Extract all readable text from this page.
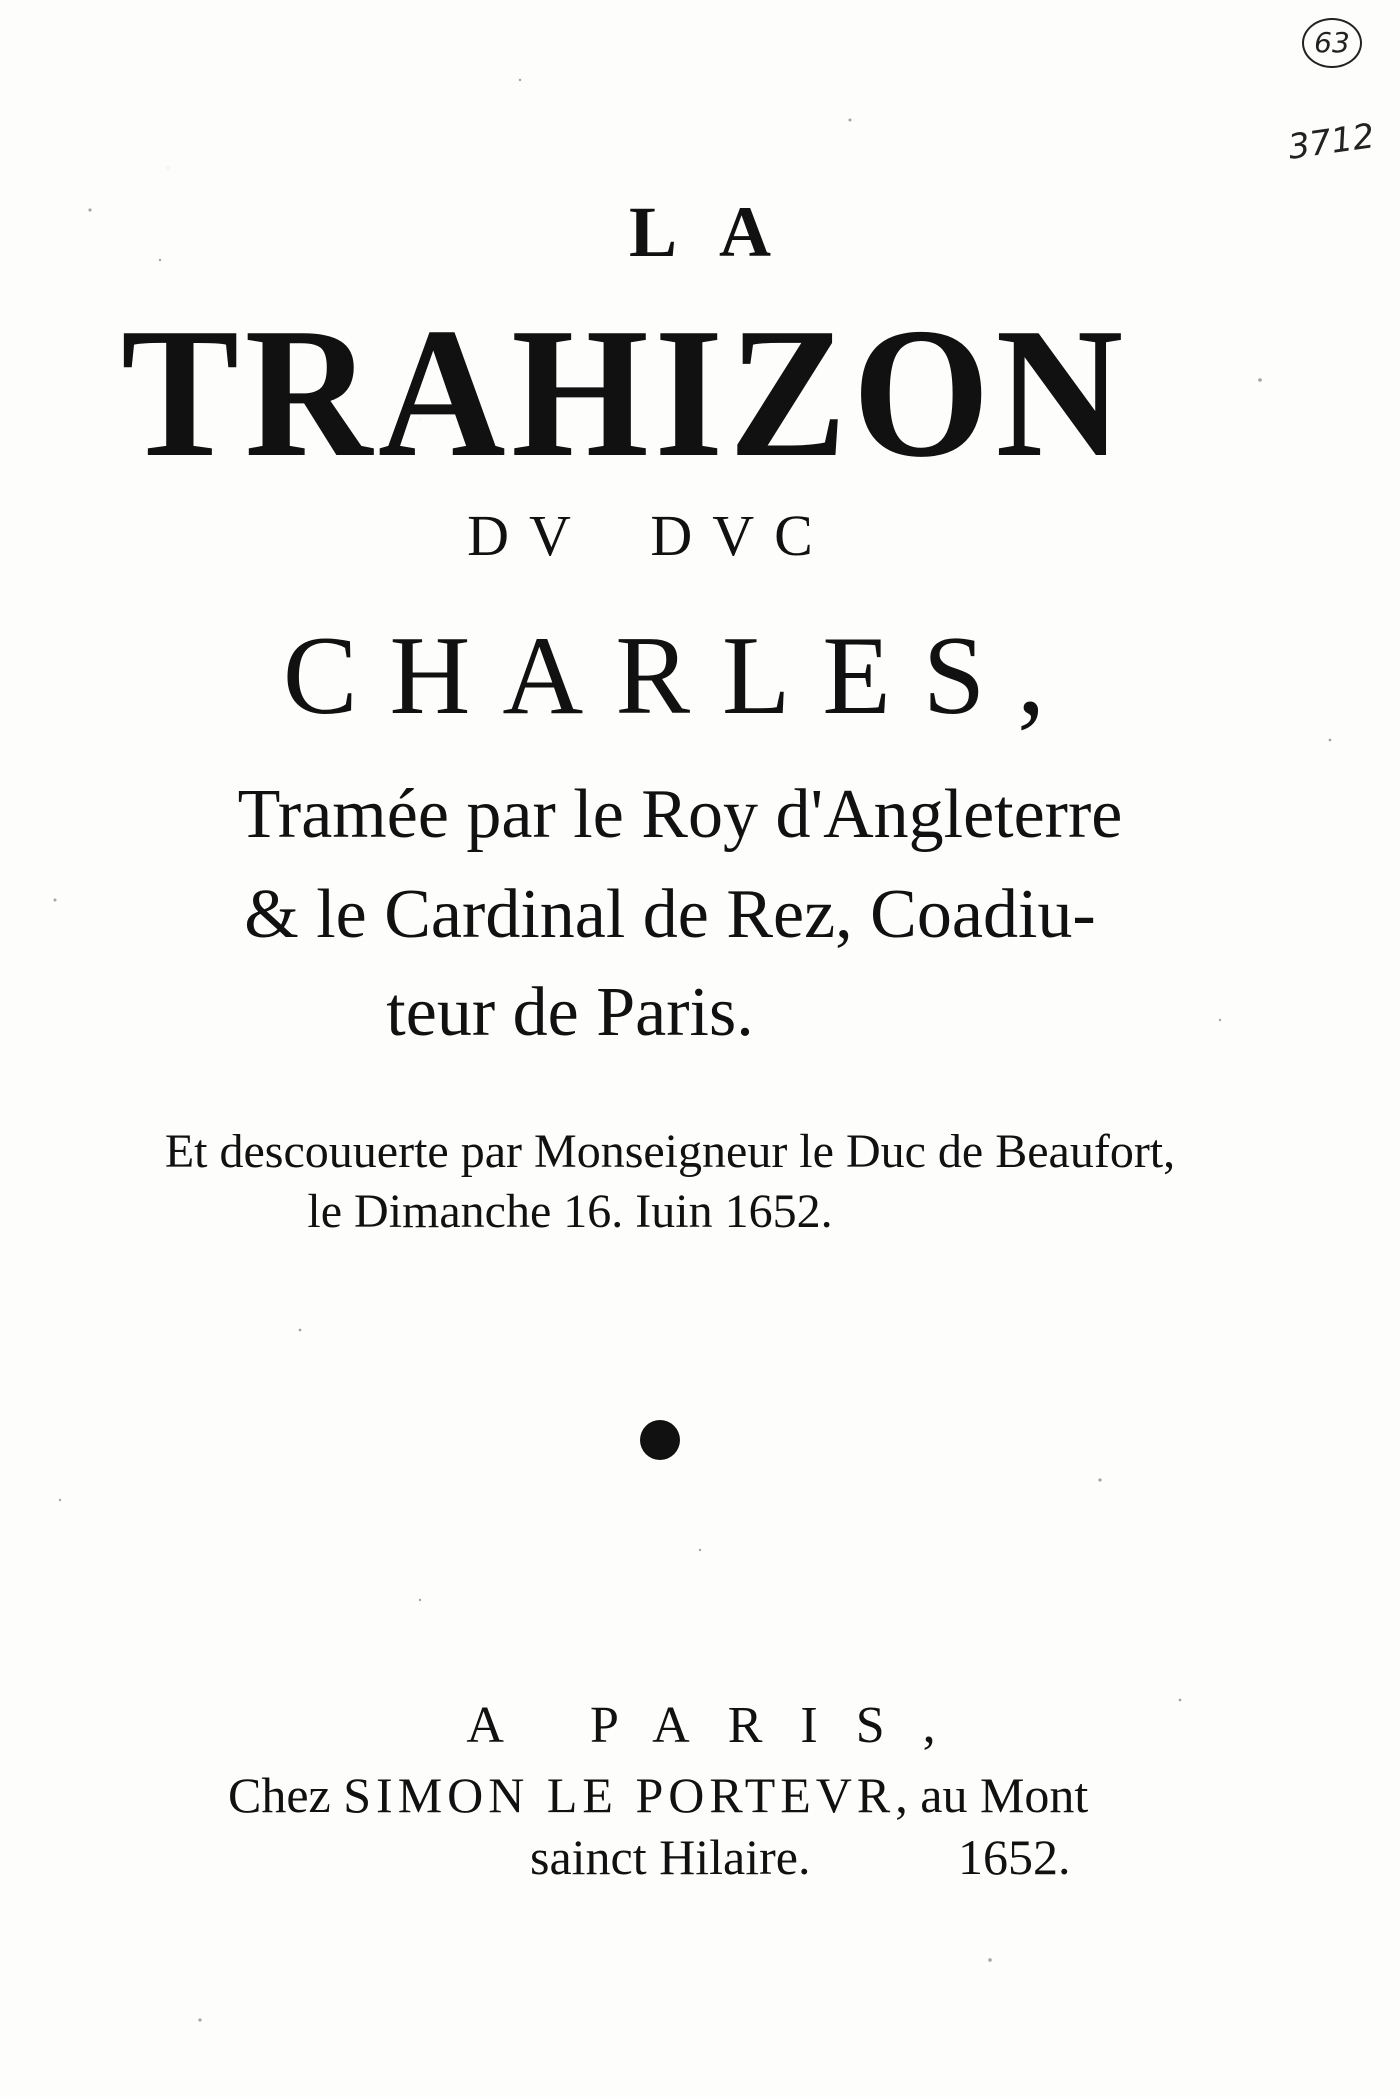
63
3712
LA
TRAHIZON
DV DVC
CHARLES,
Tramée par le Roy d'Angleterre
& le Cardinal de Rez, Coadiu-
teur de Paris.
Et descouuerte par Monseigneur le Duc de Beaufort,
le Dimanche 16. Iuin 1652.
A PARIS,
Chez SIMON LE PORTEVR, au Mont
sainct Hilaire.	1652.
